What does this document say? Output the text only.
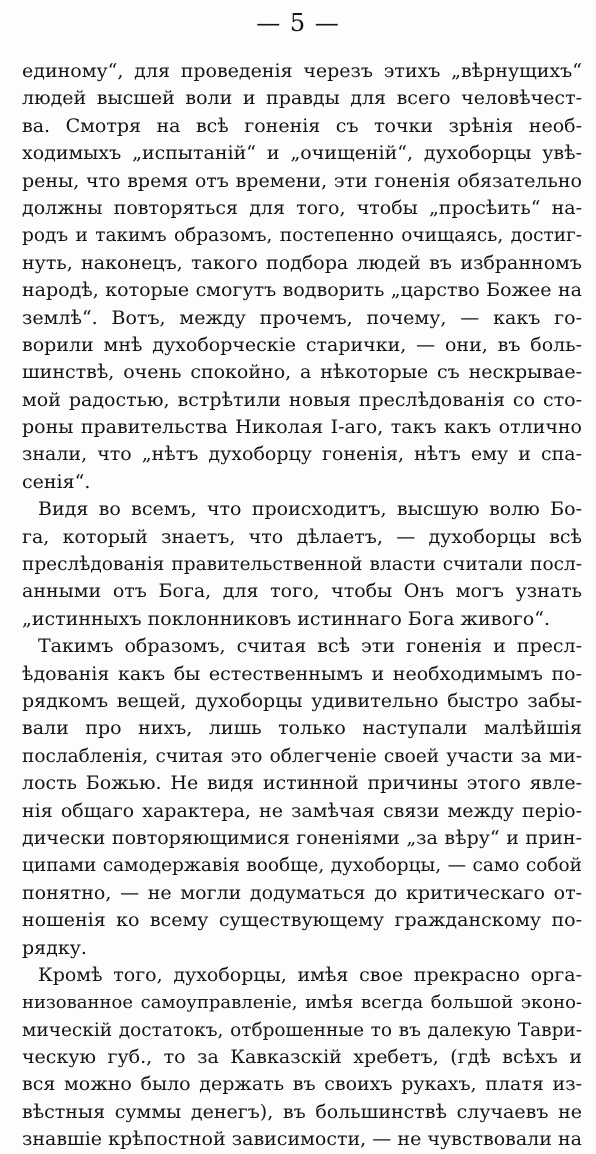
— 5 —
единому“, для проведенія черезъ этихъ „вѣрнущихъ“
людей высшей воли и правды для всего человѣчест-
ва. Смотря на всѣ гоненія съ точки зрѣнія необ-
ходимыхъ „испытаній“ и „очищеній“, духоборцы увѣ-
рены, что время отъ времени, эти гоненія обязательно
должны повторяться для того, чтобы „просѣить“ на-
родъ и такимъ образомъ, постепенно очищаясь, достиг-
нуть, наконецъ, такого подбора людей въ избранномъ
народѣ, которые смогутъ водворить „царство Божее на
землѣ“. Вотъ, между прочемъ, почему, — какъ го-
ворили мнѣ духоборческіе старички, — они, въ боль-
шинствѣ, очень спокойно, а нѣкоторые съ нескрывае-
мой радостью, встрѣтили новыя преслѣдованія со сто-
роны правительства Николая І-аго, такъ какъ отлично
знали, что „нѣтъ духоборцу гоненія, нѣтъ ему и спа-
сенія“.
Видя во всемъ, что происходитъ, высшую волю Бо-
га, который знаетъ, что дѣлаетъ, — духоборцы всѣ
преслѣдованія правительственной власти считали посл-
анными отъ Бога, для того, чтобы Онъ могъ узнать
„истинныхъ поклонниковъ истиннаго Бога живого“.
Такимъ образомъ, считая всѣ эти гоненія и пресл-
ѣдованія какъ бы естественнымъ и необходимымъ по-
рядкомъ вещей, духоборцы удивительно быстро забы-
вали про нихъ, лишь только наступали малѣйшія
послабленія, считая это облегченіе своей участи за ми-
лость Божью. Не видя истинной причины этого явле-
нія общаго характера, не замѣчая связи между періо-
дически повторяющимися гоненіями „за вѣру“ и прин-
ципами самодержавія вообще, духоборцы, — само собой
понятно, — не могли додуматься до критическаго от-
ношенія ко всему существующему гражданскому по-
рядку.
Кромѣ того, духоборцы, имѣя свое прекрасно орга-
низованное самоуправленіе, имѣя всегда большой эконо-
мическій достатокъ, отброшенные то въ далекую Таври-
ческую губ., то за Кавказскій хребетъ, (гдѣ всѣхъ и
вся можно было держать въ своихъ рукахъ, платя из-
вѣстныя суммы денегъ), въ большинствѣ случаевъ не
знавшіе крѣпостной зависимости, — не чувствовали на
